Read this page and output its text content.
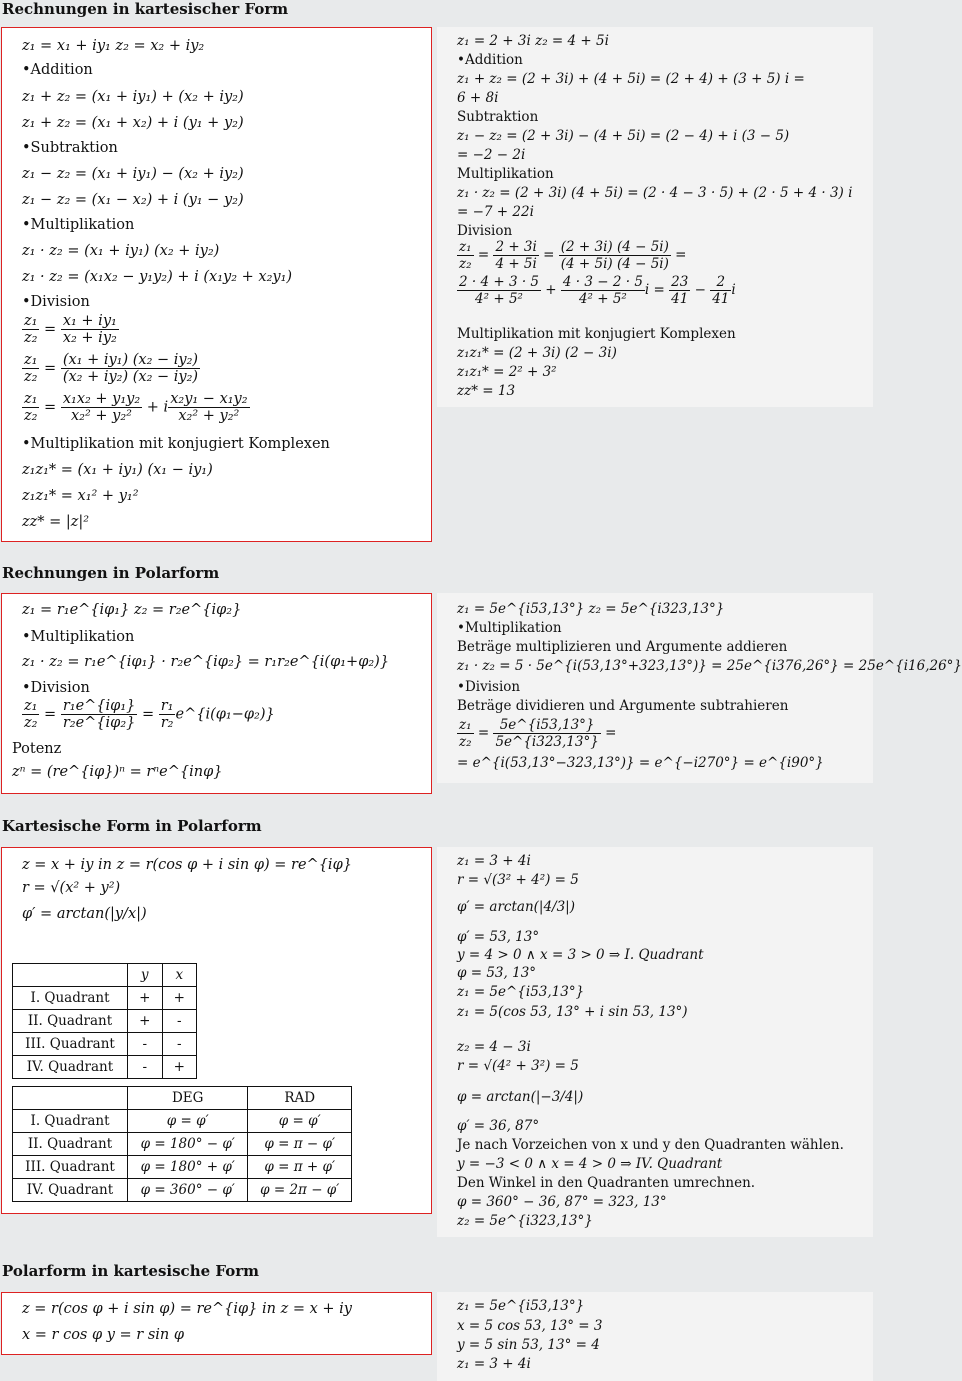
Rechnungen in kartesischer Form
z₁ = x₁ + iy₁ z₂ = x₂ + iy₂
•Addition
z₁ + z₂ = (x₁ + iy₁) + (x₂ + iy₂)
z₁ + z₂ = (x₁ + x₂) + i (y₁ + y₂)
•Subtraktion
z₁ − z₂ = (x₁ + iy₁) − (x₂ + iy₂)
z₁ − z₂ = (x₁ − x₂) + i (y₁ − y₂)
•Multiplikation
z₁ · z₂ = (x₁ + iy₁) (x₂ + iy₂)
z₁ · z₂ = (x₁x₂ − y₁y₂) + i (x₁y₂ + x₂y₁)
•Division
$\frac{\text{z₁}}{\text{z₂}} = \frac{\text{x₁ + iy₁}}{\text{x₂ + iy₂}}$
$\frac{\text{z₁}}{\text{z₂}} = \frac{\text{(x₁ + iy₁) (x₂ − iy₂)}}{\text{(x₂ + iy₂) (x₂ − iy₂)}}$
$\frac{\text{z₁}}{\text{z₂}} = \frac{\text{x₁x₂ + y₁y₂}}{\text{x₂² + y₂²}} + i \frac{\text{x₂y₁ − x₁y₂}}{\text{x₂² + y₂²}}$
•Multiplikation mit konjugiert Komplexen
z₁z₁* = (x₁ + iy₁) (x₁ − iy₁)
z₁z₁* = x₁² + y₁²
zz* = |z|²
z₁ = 2 + 3i z₂ = 4 + 5i
•Addition
z₁ + z₂ = (2 + 3i) + (4 + 5i) = (2 + 4) + (3 + 5) i =
6 + 8i
Subtraktion
z₁ − z₂ = (2 + 3i) − (4 + 5i) = (2 − 4) + i (3 − 5)
= −2 − 2i
Multiplikation
z₁ · z₂ = (2 + 3i) (4 + 5i) = (2 · 4 − 3 · 5) + (2 · 5 + 4 · 3) i
= −7 + 22i
Division
$\frac{\text{z₁}}{\text{z₂}} = \frac{2 + 3i}{4 + 5i} = \frac{(2 + 3i) (4 - 5i)}{(4 + 5i) (4 - 5i)}$ =
$\frac{2 \cdot 4 + 3 \cdot 5}{\text{4² + 5²}} + \frac{4 \cdot 3 - 2 \cdot 5}{\text{4² + 5²}}$ $i = \frac{23}{41} - \frac{2}{41}$ i
Multiplikation mit konjugiert Komplexen
z₁z₁* = (2 + 3i) (2 − 3i)
z₁z₁* = 2² + 3²
zz* = 13
Rechnungen in Polarform
z₁ = r₁e^{iφ₁} z₂ = r₂e^{iφ₂}
•Multiplikation
z₁ · z₂ = r₁e^{iφ₁} · r₂e^{iφ₂} = r₁r₂e^{i(φ₁+φ₂)}
•Division
$\frac{\text{z₁}}{\text{z₂}} = \frac{\text{r₁e\textasciicircum{}\{iφ₁\}}}{\text{r₂e\textasciicircum{}\{iφ₂\}}} = \frac{\text{r₁}}{\text{r₂}}$ e^{i(φ₁−φ₂)}
Potenz
zⁿ = (re^{iφ})ⁿ = rⁿe^{inφ}
z₁ = 5e^{i53,13°} z₂ = 5e^{i323,13°}
•Multiplikation
Beträge multiplizieren und Argumente addieren
z₁ · z₂ = 5 · 5e^{i(53,13°+323,13°)} = 25e^{i376,26°} = 25e^{i16,26°}
•Division
Beträge dividieren und Argumente subtrahieren
$\frac{\text{z₁}}{\text{z₂}} = \frac{5e\^{}\{i53,13^\circ\}}{5e\^{}\{i323,13^\circ\}}$ =
= e^{i(53,13°−323,13°)} = e^{−i270°} = e^{i90°}
Kartesische Form in Polarform
z = x + iy in z = r(cos φ + i sin φ) = re^{iφ}
r = √(x² + y²)
φ′ = arctan(|y/x|)
	y	x
I. Quadrant	+	+
II. Quadrant	+	-
III. Quadrant	-	-
IV. Quadrant	-	+
	DEG	RAD
I. Quadrant	φ = φ′	φ = φ′
II. Quadrant	φ = 180° − φ′	φ = π − φ′
III. Quadrant	φ = 180° + φ′	φ = π + φ′
IV. Quadrant	φ = 360° − φ′	φ = 2π − φ′
z₁ = 3 + 4i
r = √(3² + 4²) = 5
φ′ = arctan(|4/3|)
φ′ = 53, 13°
y = 4 > 0 ∧ x = 3 > 0 ⇒ I. Quadrant
φ = 53, 13°
z₁ = 5e^{i53,13°}
z₁ = 5(cos 53, 13° + i sin 53, 13°)
z₂ = 4 − 3i
r = √(4² + 3²) = 5
φ = arctan(|−3/4|)
φ′ = 36, 87°
Je nach Vorzeichen von x und y den Quadranten wählen.
y = −3 < 0 ∧ x = 4 > 0 ⇒ IV. Quadrant
Den Winkel in den Quadranten umrechnen.
φ = 360° − 36, 87° = 323, 13°
z₂ = 5e^{i323,13°}
Polarform in kartesische Form
z = r(cos φ + i sin φ) = re^{iφ} in z = x + iy
x = r cos φ y = r sin φ
z₁ = 5e^{i53,13°}
x = 5 cos 53, 13° = 3
y = 5 sin 53, 13° = 4
z₁ = 3 + 4i
